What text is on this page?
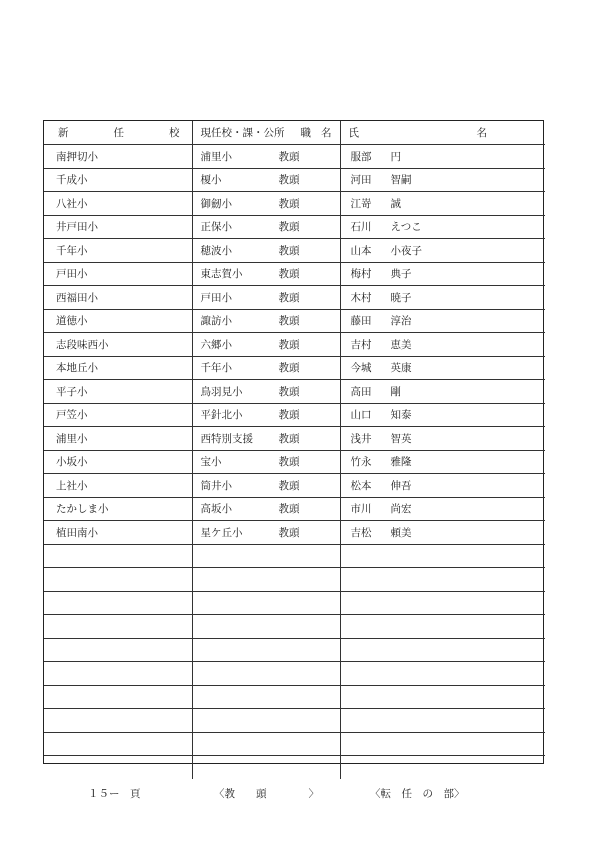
新 任 校	現任校・課・公所 職 名	氏 名

南押切小	浦里小 教頭	服部 円

千成小	榎小 教頭	河田 智嗣

八社小	御劒小 教頭	江嵜 誠

井戸田小	正保小 教頭	石川 えつこ

千年小	穂波小 教頭	山本 小夜子

戸田小	東志賀小 教頭	梅村 典子

西福田小	戸田小 教頭	木村 暁子

道徳小	諏訪小 教頭	藤田 淳治

志段味西小	六郷小 教頭	吉村 恵美

本地丘小	千年小 教頭	今城 英康

平子小	鳥羽見小 教頭	高田 剛

戸笠小	平針北小 教頭	山口 知泰

浦里小	西特別支援 教頭	浅井 智英

小坂小	宝小 教頭	竹永 雅隆

上社小	筒井小 教頭	松本 伸吾

たかしま小	高坂小 教頭	市川 尚宏

植田南小	星ケ丘小 教頭	吉松 頼美

１５ー　頁	〈教　　頭　　　　〉	〈転　任　の　部〉
